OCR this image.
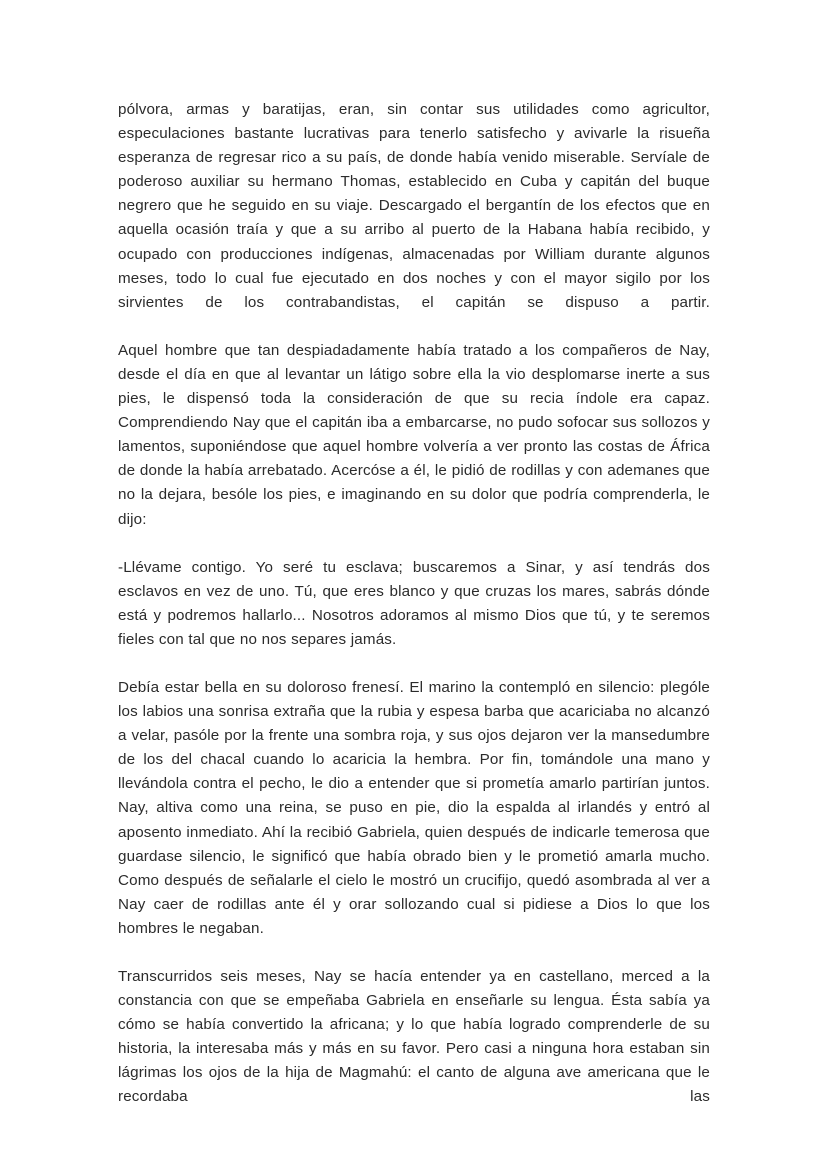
pólvora, armas y baratijas, eran, sin contar sus utilidades como agricultor, especulaciones bastante lucrativas para tenerlo satisfecho y avivarle la risueña esperanza de regresar rico a su país, de donde había venido miserable. Servíale de poderoso auxiliar su hermano Thomas, establecido en Cuba y capitán del buque negrero que he seguido en su viaje. Descargado el bergantín de los efectos que en aquella ocasión traía y que a su arribo al puerto de la Habana había recibido, y ocupado con producciones indígenas, almacenadas por William durante algunos meses, todo lo cual fue ejecutado en dos noches y con el mayor sigilo por los sirvientes de los contrabandistas, el capitán se dispuso a partir.

Aquel hombre que tan despiadadamente había tratado a los compañeros de Nay, desde el día en que al levantar un látigo sobre ella la vio desplomarse inerte a sus pies, le dispensó toda la consideración de que su recia índole era capaz. Comprendiendo Nay que el capitán iba a embarcarse, no pudo sofocar sus sollozos y lamentos, suponiéndose que aquel hombre volvería a ver pronto las costas de África de donde la había arrebatado. Acercóse a él, le pidió de rodillas y con ademanes que no la dejara, besóle los pies, e imaginando en su dolor que podría comprenderla, le dijo:

-Llévame contigo. Yo seré tu esclava; buscaremos a Sinar, y así tendrás dos esclavos en vez de uno. Tú, que eres blanco y que cruzas los mares, sabrás dónde está y podremos hallarlo... Nosotros adoramos al mismo Dios que tú, y te seremos fieles con tal que no nos separes jamás.

Debía estar bella en su doloroso frenesí. El marino la contempló en silencio: plególe los labios una sonrisa extraña que la rubia y espesa barba que acariciaba no alcanzó a velar, pasóle por la frente una sombra roja, y sus ojos dejaron ver la mansedumbre de los del chacal cuando lo acaricia la hembra. Por fin, tomándole una mano y llevándola contra el pecho, le dio a entender que si prometía amarlo partirían juntos. Nay, altiva como una reina, se puso en pie, dio la espalda al irlandés y entró al aposento inmediato. Ahí la recibió Gabriela, quien después de indicarle temerosa que guardase silencio, le significó que había obrado bien y le prometió amarla mucho. Como después de señalarle el cielo le mostró un crucifijo, quedó asombrada al ver a Nay caer de rodillas ante él y orar sollozando cual si pidiese a Dios lo que los hombres le negaban.

Transcurridos seis meses, Nay se hacía entender ya en castellano, merced a la constancia con que se empeñaba Gabriela en enseñarle su lengua. Ésta sabía ya cómo se había convertido la africana; y lo que había logrado comprenderle de su historia, la interesaba más y más en su favor. Pero casi a ninguna hora estaban sin lágrimas los ojos de la hija de Magmahú: el canto de alguna ave americana que le recordaba las
